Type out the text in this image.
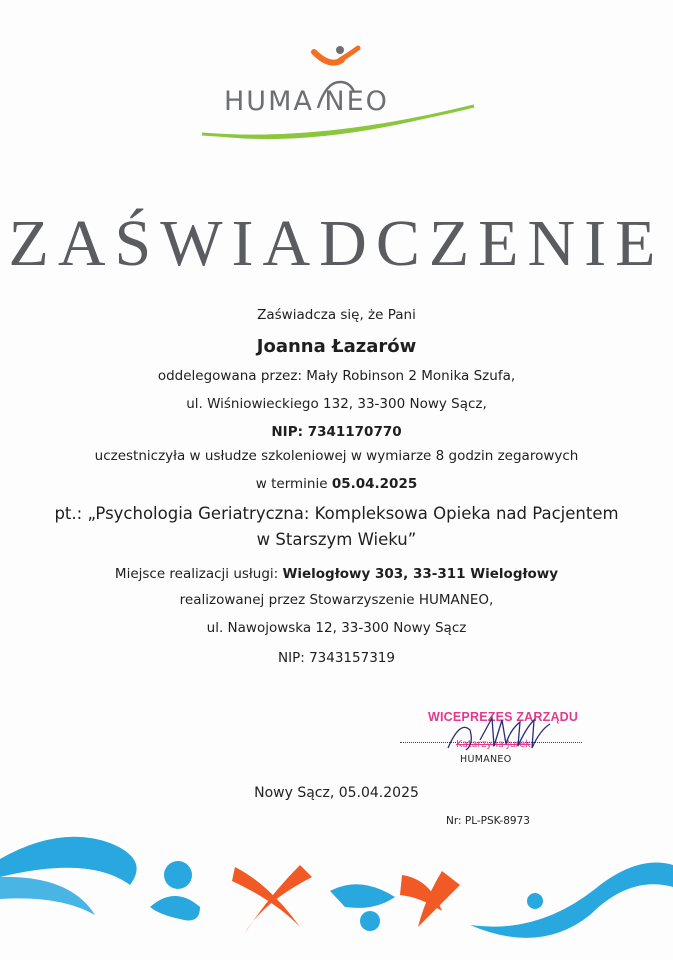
HUMA NEO
ZAŚWIADCZENIE
Zaświadcza się, że Pani
Joanna Łazarów
oddelegowana przez: Mały Robinson 2 Monika Szufa,
ul. Wiśniowieckiego 132, 33-300 Nowy Sącz,
NIP: 7341170770
uczestniczyła w usłudze szkoleniowej w wymiarze 8 godzin zegarowych
w terminie 05.04.2025
pt.: „Psychologia Geriatryczna: Kompleksowa Opieka nad Pacjentem
w Starszym Wieku”
Miejsce realizacji usługi: Wielogłowy 303, 33-311 Wielogłowy
realizowanej przez Stowarzyszenie HUMANEO,
ul. Nawojowska 12, 33-300 Nowy Sącz
NIP: 7343157319
WICEPREZES ZARZĄDU
Katarzyna Jurek
HUMANEO
Nowy Sącz, 05.04.2025
Nr: PL-PSK-8973
